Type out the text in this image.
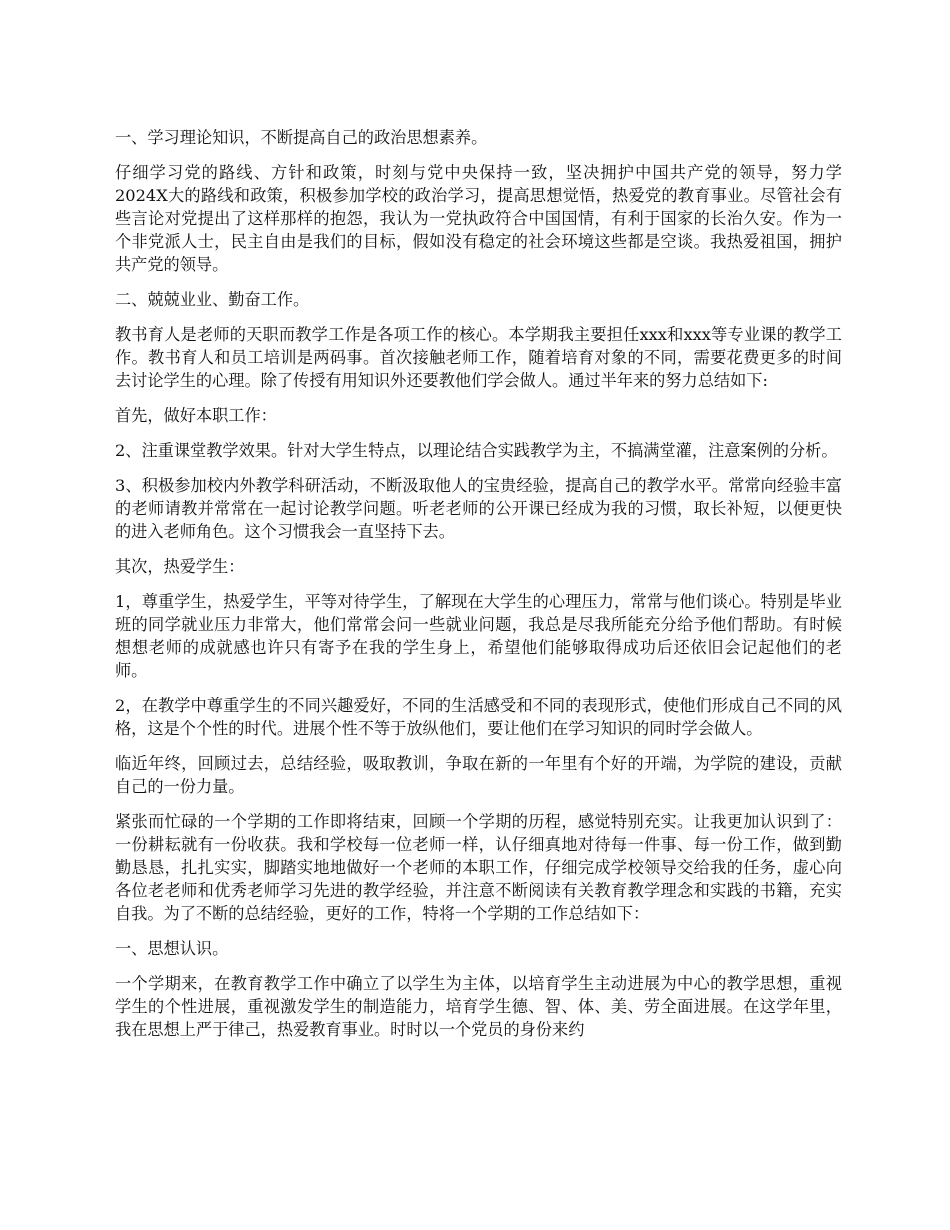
一、学习理论知识，不断提高自己的政治思想素养。

仔细学习党的路线、方针和政策，时刻与党中央保持一致，坚决拥护中国共产党的领导，努力学2024X大的路线和政策，积极参加学校的政治学习，提高思想觉悟，热爱党的教育事业。尽管社会有些言论对党提出了这样那样的抱怨，我认为一党执政符合中国国情，有利于国家的长治久安。作为一个非党派人士，民主自由是我们的目标，假如没有稳定的社会环境这些都是空谈。我热爱祖国，拥护共产党的领导。

二、兢兢业业、勤奋工作。

教书育人是老师的天职而教学工作是各项工作的核心。本学期我主要担任xxx和xxx等专业课的教学工作。教书育人和员工培训是两码事。首次接触老师工作，随着培育对象的不同，需要花费更多的时间去讨论学生的心理。除了传授有用知识外还要教他们学会做人。通过半年来的努力总结如下:

首先，做好本职工作：

2、注重课堂教学效果。针对大学生特点，以理论结合实践教学为主，不搞满堂灌，注意案例的分析。

3、积极参加校内外教学科研活动，不断汲取他人的宝贵经验，提高自己的教学水平。常常向经验丰富的老师请教并常常在一起讨论教学问题。听老老师的公开课已经成为我的习惯，取长补短，以便更快的进入老师角色。这个习惯我会一直坚持下去。

其次，热爱学生：

1，尊重学生，热爱学生，平等对待学生，了解现在大学生的心理压力，常常与他们谈心。特别是毕业班的同学就业压力非常大，他们常常会问一些就业问题，我总是尽我所能充分给予他们帮助。有时候想想老师的成就感也许只有寄予在我的学生身上，希望他们能够取得成功后还依旧会记起他们的老师。

2，在教学中尊重学生的不同兴趣爱好，不同的生活感受和不同的表现形式，使他们形成自己不同的风格，这是个个性的时代。进展个性不等于放纵他们，要让他们在学习知识的同时学会做人。

临近年终，回顾过去，总结经验，吸取教训，争取在新的一年里有个好的开端，为学院的建设，贡献自己的一份力量。

紧张而忙碌的一个学期的工作即将结束，回顾一个学期的历程，感觉特别充实。让我更加认识到了：一份耕耘就有一份收获。我和学校每一位老师一样，认仔细真地对待每一件事、每一份工作，做到勤勤恳恳，扎扎实实，脚踏实地地做好一个老师的本职工作，仔细完成学校领导交给我的任务，虚心向各位老老师和优秀老师学习先进的教学经验，并注意不断阅读有关教育教学理念和实践的书籍，充实自我。为了不断的总结经验，更好的工作，特将一个学期的工作总结如下：

一、思想认识。

一个学期来，在教育教学工作中确立了以学生为主体，以培育学生主动进展为中心的教学思想，重视学生的个性进展，重视激发学生的制造能力，培育学生德、智、体、美、劳全面进展。在这学年里，我在思想上严于律己，热爱教育事业。时时以一个党员的身份来约
